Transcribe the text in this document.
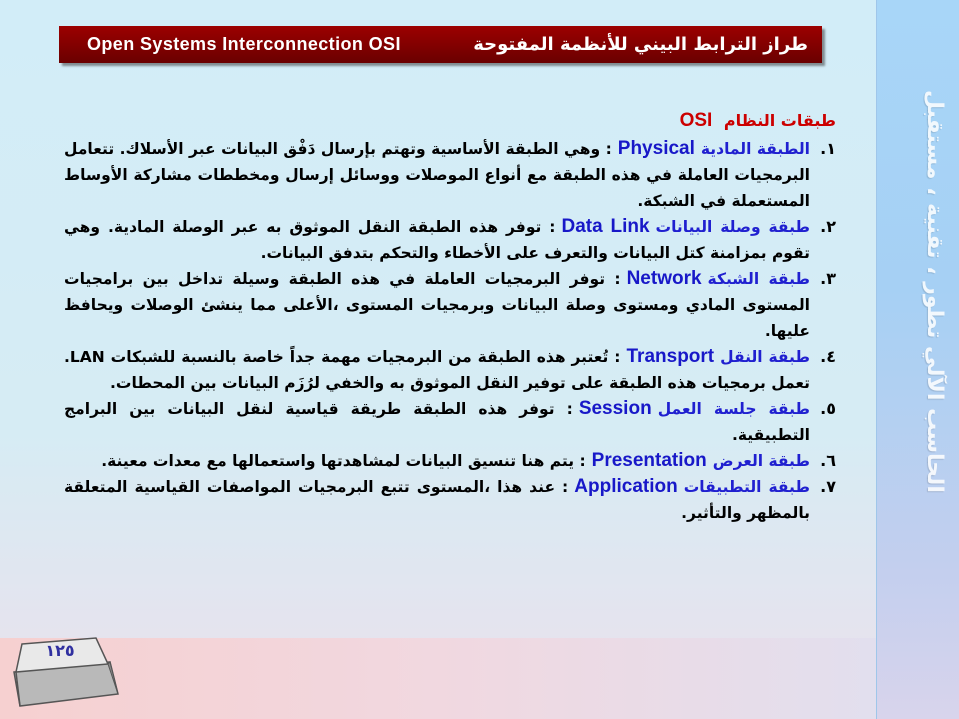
الحاسب الآلي تطور ، تقنية ، مستقبل
Open Systems Interconnection OSI	طراز الترابط البيني للأنظمة المفتوحة
طبقات النظام OSI
١.
الطبقة الماديةPhysical: وهي الطبقة الأساسية وتهتم بإرسال دَفْق البيانات عبر الأسلاك. تتعامل البرمجيات العاملة في هذه الطبقة مع أنواع الموصلات ووسائل إرسال ومخططات مشاركة الأوساط المستعملة في الشبكة.
٢.
طبقة وصلة البياناتData Link: توفر هذه الطبقة النقل الموثوق به عبر الوصلة المادية. وهي تقوم بمزامنة كتل البيانات والتعرف على الأخطاء والتحكم بتدفق البيانات.
٣.
طبقة الشبكةNetwork: توفر البرمجيات العاملة في هذه الطبقة وسيلة تداخل بين برامجيات المستوى المادي ومستوى وصلة البيانات وبرمجيات المستوى ،الأعلى مما ينشئ الوصلات ويحافظ عليها.
٤.
طبقة النقلTransport: تُعتبر هذه الطبقة من البرمجيات مهمة جداً خاصة بالنسبة للشبكات LAN. تعمل برمجيات هذه الطبقة على توفير النقل الموثوق به والخفي لرُزَم البيانات بين المحطات.
٥.
طبقة جلسة العملSession: توفر هذه الطبقة طريقة قياسية لنقل البيانات بين البرامج التطبيقية.
٦.
طبقة العرضPresentation: يتم هنا تنسيق البيانات لمشاهدتها واستعمالها مع معدات معينة.
٧.
طبقة التطبيقاتApplication: عند هذا ،المستوى تتبع البرمجيات المواصفات القياسية المتعلقة بالمظهر والتأثير.
١٢٥
